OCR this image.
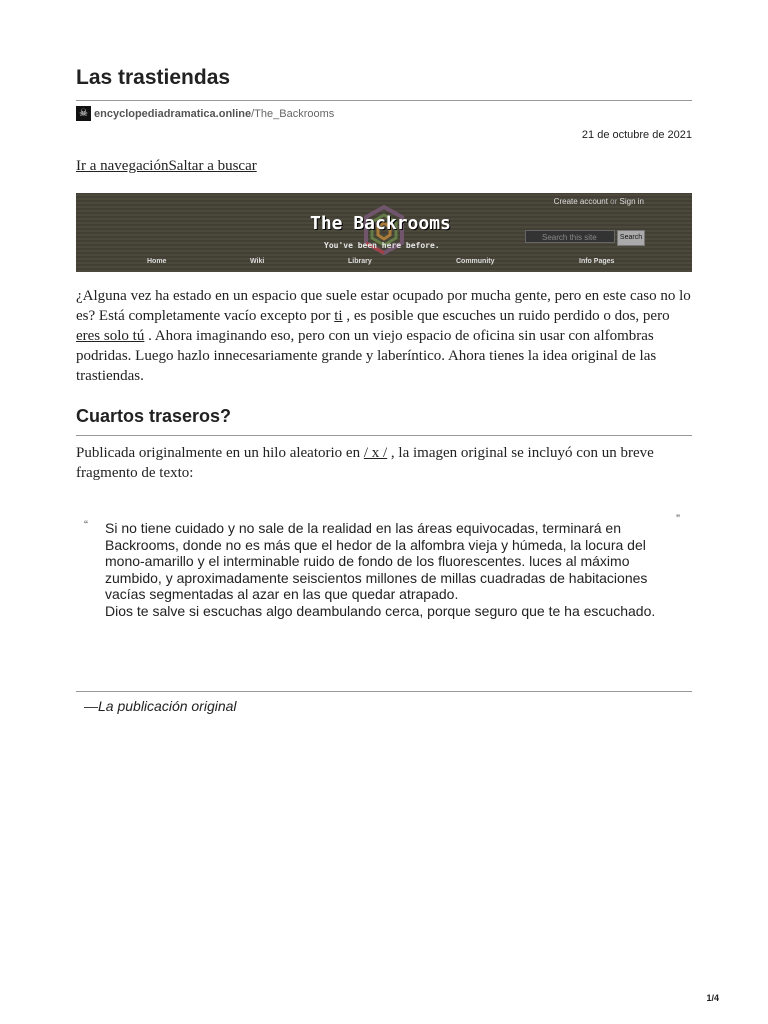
Las trastiendas
☠ encyclopediadramatica.online /The_Backrooms
21 de octubre de 2021
Ir a navegaciónSaltar a buscar
The Backrooms
You've been here before.
Create account or Sign in
Search this site	Search
Home	Wiki	Library	Community	Info Pages

¿Alguna vez ha estado en un espacio que suele estar ocupado por mucha gente, pero en este caso no lo es? Está completamente vacío excepto por ti , es posible que escuches un ruido perdido o dos, pero eres solo tú . Ahora imaginando eso, pero con un viejo espacio de oficina sin usar con alfombras podridas. Luego hazlo innecesariamente grande y laberíntico. Ahora tienes la idea original de las trastiendas.

Cuartos traseros?

Publicada originalmente en un hilo aleatorio en / x / , la imagen original se incluyó con un breve fragmento de texto:

“	”

Si no tiene cuidado y no sale de la realidad en las áreas equivocadas, terminará en Backrooms, donde no es más que el hedor de la alfombra vieja y húmeda, la locura del mono-amarillo y el interminable ruido de fondo de los fluorescentes. luces al máximo zumbido, y aproximadamente seiscientos millones de millas cuadradas de habitaciones vacías segmentadas al azar en las que quedar atrapado.

Dios te salve si escuchas algo deambulando cerca, porque seguro que te ha escuchado.

—La publicación original
1/4
